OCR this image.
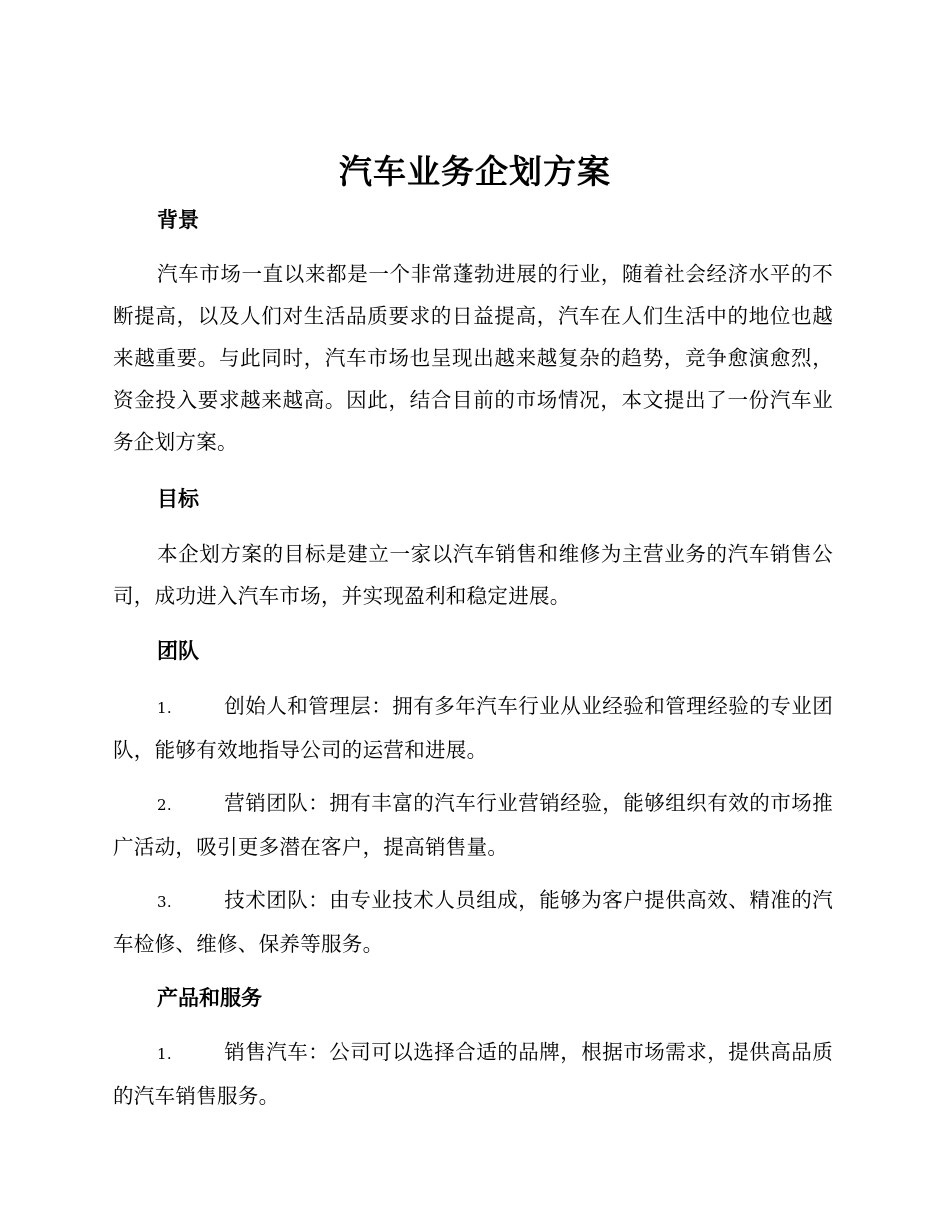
汽车业务企划方案
背景
汽车市场一直以来都是一个非常蓬勃进展的行业，随着社会经济水平的不断提高，以及人们对生活品质要求的日益提高，汽车在人们生活中的地位也越来越重要。与此同时，汽车市场也呈现出越来越复杂的趋势，竞争愈演愈烈，资金投入要求越来越高。因此，结合目前的市场情况，本文提出了一份汽车业务企划方案。
目标
本企划方案的目标是建立一家以汽车销售和维修为主营业务的汽车销售公司，成功进入汽车市场，并实现盈利和稳定进展。
团队
1.	创始人和管理层：拥有多年汽车行业从业经验和管理经验的专业团队，能够有效地指导公司的运营和进展。
2.	营销团队：拥有丰富的汽车行业营销经验，能够组织有效的市场推广活动，吸引更多潜在客户，提高销售量。
3.	技术团队：由专业技术人员组成，能够为客户提供高效、精准的汽车检修、维修、保养等服务。
产品和服务
1.	销售汽车：公司可以选择合适的品牌，根据市场需求，提供高品质的汽车销售服务。
